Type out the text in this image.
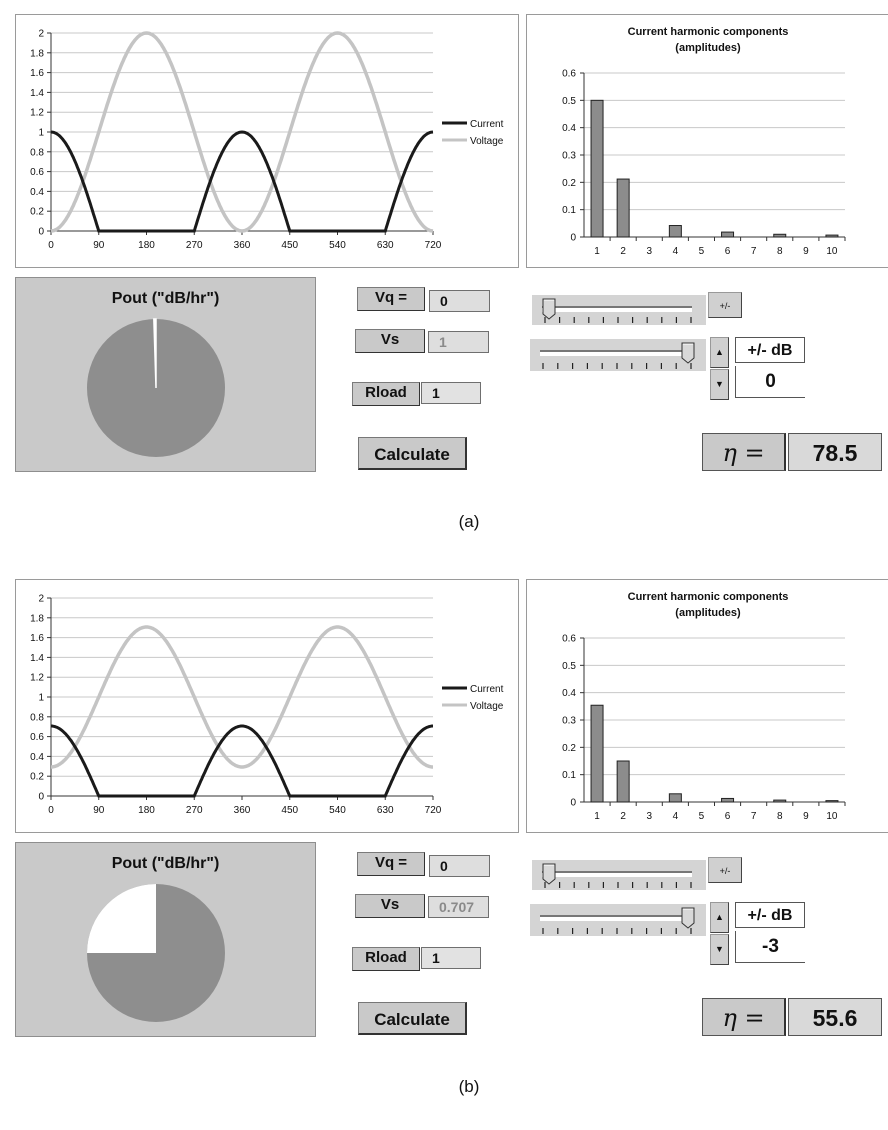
0
0.2
0.4
0.6
0.8
1
1.2
1.4
1.6
1.8
2
0	90	180	270	360	450	540	630	720
Current
Voltage
Current harmonic components
(amplitudes)
0
0.1
0.2
0.3
0.4
0.5
0.6
1 2 3 4 5 6 7 8 9 10
Pout ("dB/hr")	Vq =	0
Vs	1
Rload	1
Calculate
+/-
▲
▼
+/- dB
0
η =	78.5
(a)
0
0.2
0.4
0.6
0.8
1
1.2
1.4
1.6
1.8
2
0	90	180	270	360	450	540	630	720
Current
Voltage
Current harmonic components
(amplitudes)
0
0.1
0.2
0.3
0.4
0.5
0.6
1 2 3 4 5 6 7 8 9 10
Pout ("dB/hr")	Vq =	0
Vs	0.707
Rload	1
Calculate
+/-
▲
▼
+/- dB
-3
η =	55.6
(b)
